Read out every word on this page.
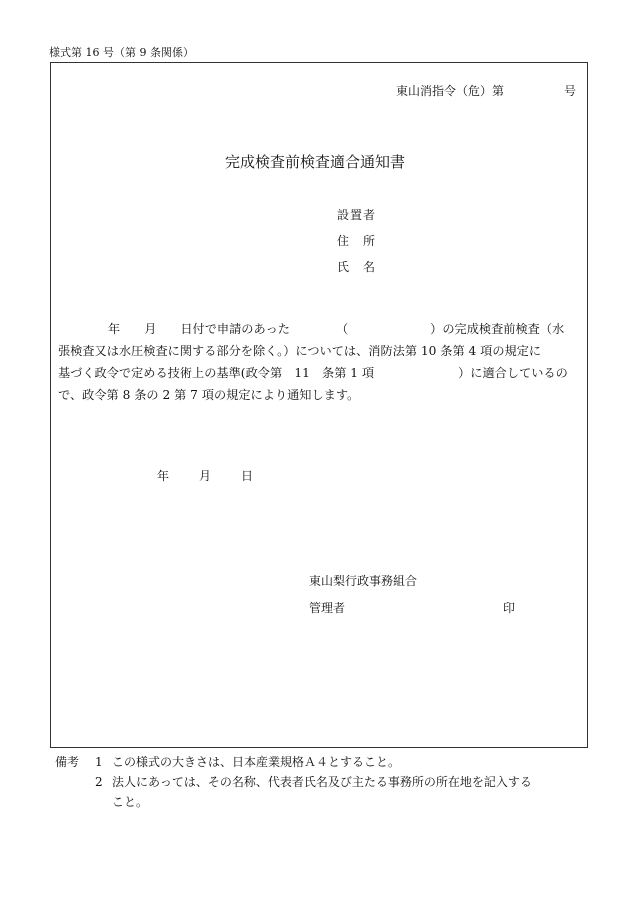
様式第 16 号（第 9 条関係）
東山消指令（危）第	号
完成検査前検査適合通知書
設置者
住　所
氏　名
年 月 日付で申請のあった	（	）の完成検査前検査（水
張検査又は水圧検査に関する部分を除く。）については、消防法第 10 条第 4 項の規定に
基づく政令で定める技術上の基準(政令第　11　条第 1 項	）に適合しているの
で、政令第 8 条の 2 第 7 項の規定により通知します。
年	月	日
東山梨行政事務組合
管理者	印
備考 1 この様式の大きさは、日本産業規格Ａ４とすること。
2 法人にあっては、その名称、代表者氏名及び主たる事務所の所在地を記入する
こと。
